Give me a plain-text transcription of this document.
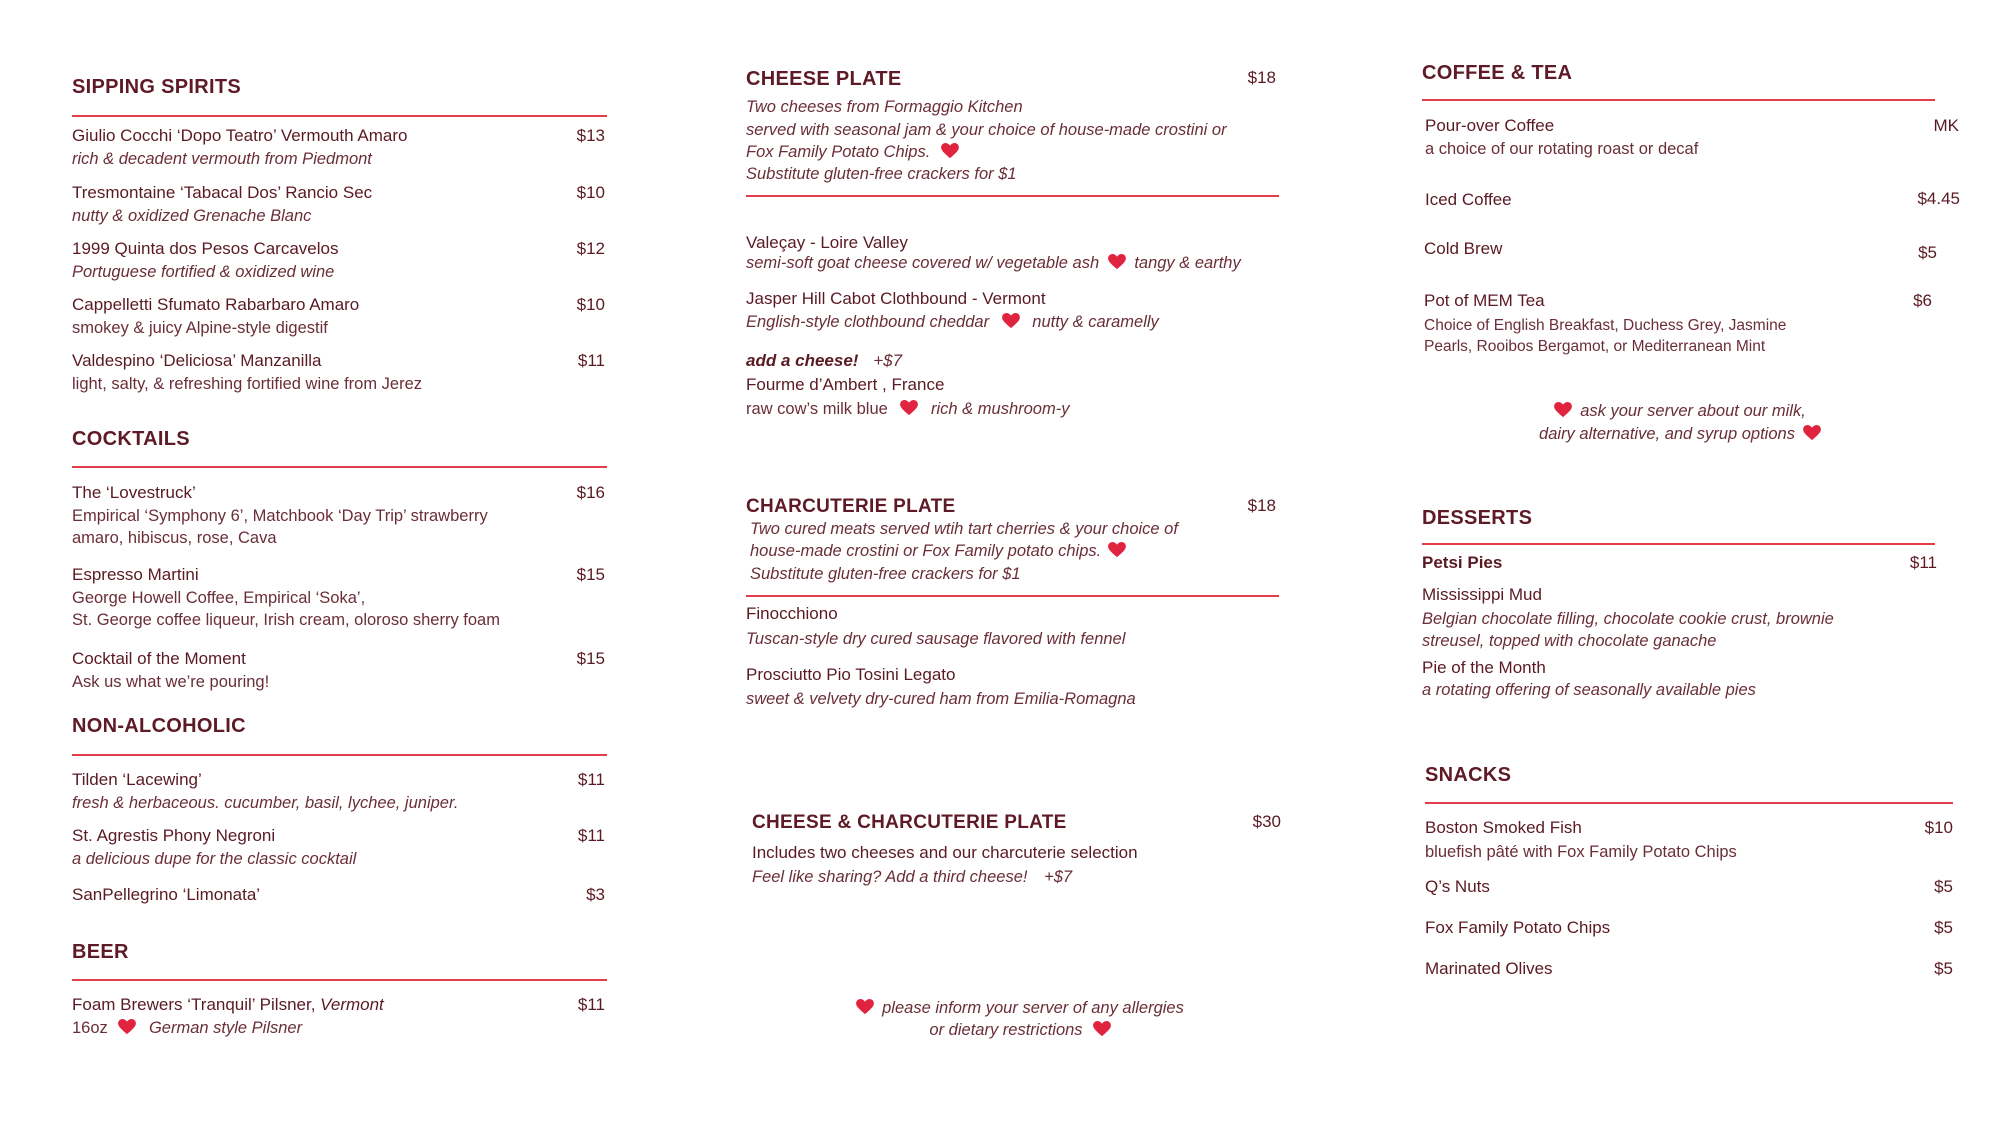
SIPPING SPIRITS
Giulio Cocchi ‘Dopo Teatro’ Vermouth Amaro	$13
rich & decadent vermouth from Piedmont
Tresmontaine ‘Tabacal Dos’ Rancio Sec	$10
nutty & oxidized Grenache Blanc
1999 Quinta dos Pesos Carcavelos	$12
Portuguese fortified & oxidized wine
Cappelletti Sfumato Rabarbaro Amaro	$10
smokey & juicy Alpine-style digestif
Valdespino ‘Deliciosa’ Manzanilla	$11
light, salty, & refreshing fortified wine from Jerez
COCKTAILS
The ‘Lovestruck’	$16
Empirical ‘Symphony 6’, Matchbook ‘Day Trip’ strawberry
amaro, hibiscus, rose, Cava
Espresso Martini	$15
George Howell Coffee, Empirical ‘Soka’,
St. George coffee liqueur, Irish cream, oloroso sherry foam
Cocktail of the Moment	$15
Ask us what we’re pouring!
NON-ALCOHOLIC
Tilden ‘Lacewing’	$11
fresh & herbaceous. cucumber, basil, lychee, juniper.
St. Agrestis Phony Negroni	$11
a delicious dupe for the classic cocktail
SanPellegrino ‘Limonata’	$3
BEER
Foam Brewers ‘Tranquil’ Pilsner, Vermont	$11
16oz German style Pilsner
CHEESE PLATE	$18
Two cheeses from Formaggio Kitchen
served with seasonal jam & your choice of house-made crostini or
Fox Family Potato Chips.
Substitute gluten-free crackers for $1
Valeçay - Loire Valley
semi-soft goat cheese covered w/ vegetable ash tangy & earthy
Jasper Hill Cabot Clothbound - Vermont
English-style clothbound cheddar	nutty & caramelly
add a cheese! +$7
Fourme d’Ambert , France
raw cow’s milk blue	rich & mushroom-y
CHARCUTERIE PLATE	$18
Two cured meats served wtih tart cherries & your choice of
house-made crostini or Fox Family potato chips.
Substitute gluten-free crackers for $1
Finocchiono
Tuscan-style dry cured sausage flavored with fennel
Prosciutto Pio Tosini Legato
sweet & velvety dry-cured ham from Emilia-Romagna
CHEESE & CHARCUTERIE PLATE	$30
Includes two cheeses and our charcuterie selection
Feel like sharing? Add a third cheese! +$7
please inform your server of any allergies
or dietary restrictions
COFFEE & TEA
Pour-over Coffee	MK
a choice of our rotating roast or decaf
Iced Coffee	$4.45
Cold Brew	$5
Pot of MEM Tea	$6
Choice of English Breakfast, Duchess Grey, Jasmine
Pearls, Rooibos Bergamot, or Mediterranean Mint
ask your server about our milk,
dairy alternative, and syrup options
DESSERTS
Petsi Pies	$11
Mississippi Mud
Belgian chocolate filling, chocolate cookie crust, brownie
streusel, topped with chocolate ganache
Pie of the Month
a rotating offering of seasonally available pies
SNACKS
Boston Smoked Fish	$10
bluefish pâté with Fox Family Potato Chips
Q’s Nuts	$5
Fox Family Potato Chips	$5
Marinated Olives	$5
